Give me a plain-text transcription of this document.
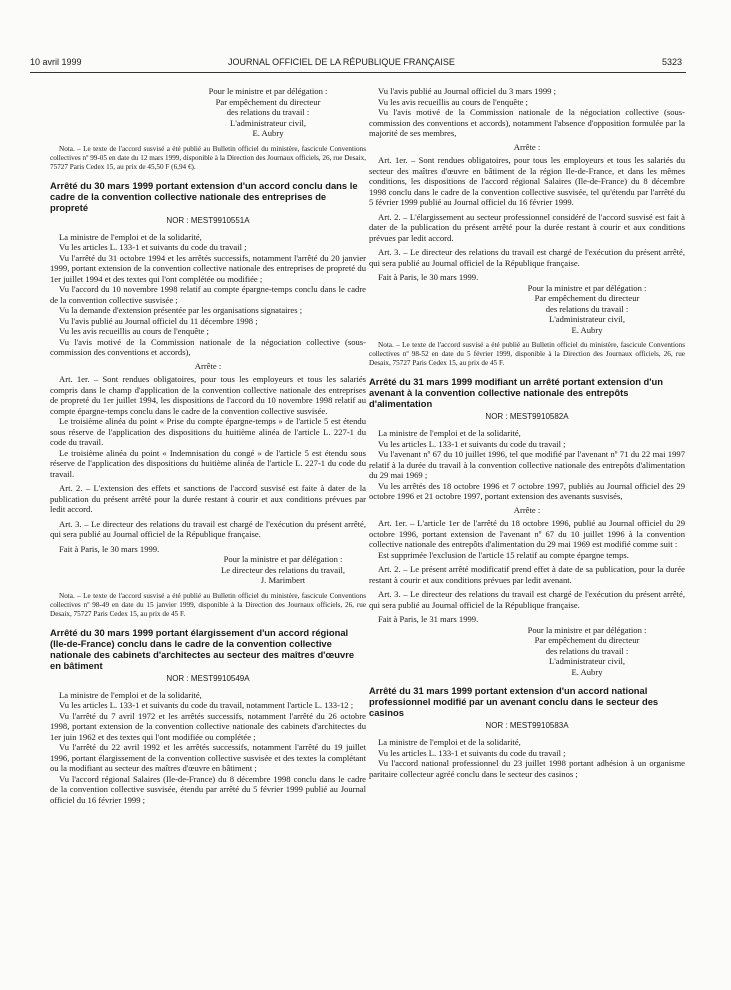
10 avril 1999	JOURNAL OFFICIEL DE LA RÉPUBLIQUE FRANÇAISE	5323

Pour le ministre et par délégation :

Par empêchement du directeur

des relations du travail :

L'administrateur civil,

E. Aubry

Nota. – Le texte de l'accord susvisé a été publié au Bulletin officiel du ministère, fascicule Conventions collectives nº 99-05 en date du 12 mars 1999, disponible à la Direction des Journaux officiels, 26, rue Desaix, 75727 Paris Cedex 15, au prix de 45,50 F (6,94 €).

Arrêté du 30 mars 1999 portant extension d'un accord conclu dans le cadre de la convention collective nationale des entreprises de propreté

NOR : MEST9910551A

La ministre de l'emploi et de la solidarité,

Vu les articles L. 133-1 et suivants du code du travail ;

Vu l'arrêté du 31 octobre 1994 et les arrêtés successifs, notamment l'arrêté du 20 janvier 1999, portant extension de la convention collective nationale des entreprises de propreté du 1er juillet 1994 et des textes qui l'ont complétée ou modifiée ;

Vu l'accord du 10 novembre 1998 relatif au compte épargne-temps conclu dans le cadre de la convention collective susvisée ;

Vu la demande d'extension présentée par les organisations signataires ;

Vu l'avis publié au Journal officiel du 11 décembre 1998 ;

Vu les avis recueillis au cours de l'enquête ;

Vu l'avis motivé de la Commission nationale de la négociation collective (sous-commission des conventions et accords),

Arrête :

Art. 1er. – Sont rendues obligatoires, pour tous les employeurs et tous les salariés compris dans le champ d'application de la convention collective nationale des entreprises de propreté du 1er juillet 1994, les dispositions de l'accord du 10 novembre 1998 relatif au compte épargne-temps conclu dans le cadre de la convention collective susvisée.

Le troisième alinéa du point « Prise du compte épargne-temps » de l'article 5 est étendu sous réserve de l'application des dispositions du huitième alinéa de l'article L. 227-1 du code du travail.

Le troisième alinéa du point « Indemnisation du congé » de l'article 5 est étendu sous réserve de l'application des dispositions du huitième alinéa de l'article L. 227-1 du code du travail.

Art. 2. – L'extension des effets et sanctions de l'accord susvisé est faite à dater de la publication du présent arrêté pour la durée restant à courir et aux conditions prévues par ledit accord.

Art. 3. – Le directeur des relations du travail est chargé de l'exécution du présent arrêté, qui sera publié au Journal officiel de la République française.

Fait à Paris, le 30 mars 1999.

Pour la ministre et par délégation :

Le directeur des relations du travail,

J. Marimbert

Nota. – Le texte de l'accord susvisé a été publié au Bulletin officiel du ministère, fascicule Conventions collectives nº 98-49 en date du 15 janvier 1999, disponible à la Direction des Journaux officiels, 26, rue Desaix, 75727 Paris Cedex 15, au prix de 45 F.

Arrêté du 30 mars 1999 portant élargissement d'un accord régional (Ile-de-France) conclu dans le cadre de la convention collective nationale des cabinets d'architectes au secteur des maîtres d'œuvre en bâtiment

NOR : MEST9910549A

La ministre de l'emploi et de la solidarité,

Vu les articles L. 133-1 et suivants du code du travail, notamment l'article L. 133-12 ;

Vu l'arrêté du 7 avril 1972 et les arrêtés successifs, notamment l'arrêté du 26 octobre 1998, portant extension de la convention collective nationale des cabinets d'architectes du 1er juin 1962 et des textes qui l'ont modifiée ou complétée ;

Vu l'arrêté du 22 avril 1992 et les arrêtés successifs, notamment l'arrêté du 19 juillet 1996, portant élargissement de la convention collective susvisée et des textes la complétant ou la modifiant au secteur des maîtres d'œuvre en bâtiment ;

Vu l'accord régional Salaires (Ile-de-France) du 8 décembre 1998 conclu dans le cadre de la convention collective susvisée, étendu par arrêté du 5 février 1999 publié au Journal officiel du 16 février 1999 ;

Vu l'avis publié au Journal officiel du 3 mars 1999 ;

Vu les avis recueillis au cours de l'enquête ;

Vu l'avis motivé de la Commission nationale de la négociation collective (sous-commission des conventions et accords), notamment l'absence d'opposition formulée par la majorité de ses membres,

Arrête :

Art. 1er. – Sont rendues obligatoires, pour tous les employeurs et tous les salariés du secteur des maîtres d'œuvre en bâtiment de la région Ile-de-France, et dans les mêmes conditions, les dispositions de l'accord régional Salaires (Ile-de-France) du 8 décembre 1998 conclu dans le cadre de la convention collective susvisée, tel qu'étendu par l'arrêté du 5 février 1999 publié au Journal officiel du 16 février 1999.

Art. 2. – L'élargissement au secteur professionnel considéré de l'accord susvisé est fait à dater de la publication du présent arrêté pour la durée restant à courir et aux conditions prévues par ledit accord.

Art. 3. – Le directeur des relations du travail est chargé de l'exécution du présent arrêté, qui sera publié au Journal officiel de la République française.

Fait à Paris, le 30 mars 1999.

Pour la ministre et par délégation :

Par empêchement du directeur

des relations du travail :

L'administrateur civil,

E. Aubry

Nota. – Le texte de l'accord susvisé a été publié au Bulletin officiel du ministère, fascicule Conventions collectives nº 98-52 en date du 5 février 1999, disponible à la Direction des Journaux officiels, 26, rue Desaix, 75727 Paris Cedex 15, au prix de 45 F.

Arrêté du 31 mars 1999 modifiant un arrêté portant extension d'un avenant à la convention collective nationale des entrepôts d'alimentation

NOR : MEST9910582A

La ministre de l'emploi et de la solidarité,

Vu les articles L. 133-1 et suivants du code du travail ;

Vu l'avenant nº 67 du 10 juillet 1996, tel que modifié par l'avenant nº 71 du 22 mai 1997 relatif à la durée du travail à la convention collective nationale des entrepôts d'alimentation du 29 mai 1969 ;

Vu les arrêtés des 18 octobre 1996 et 7 octobre 1997, publiés au Journal officiel des 29 octobre 1996 et 21 octobre 1997, portant extension des avenants susvisés,

Arrête :

Art. 1er. – L'article 1er de l'arrêté du 18 octobre 1996, publié au Journal officiel du 29 octobre 1996, portant extension de l'avenant nº 67 du 10 juillet 1996 à la convention collective nationale des entrepôts d'alimentation du 29 mai 1969 est modifié comme suit :

Est supprimée l'exclusion de l'article 15 relatif au compte épargne temps.

Art. 2. – Le présent arrêté modificatif prend effet à date de sa publication, pour la durée restant à courir et aux conditions prévues par ledit avenant.

Art. 3. – Le directeur des relations du travail est chargé de l'exécution du présent arrêté, qui sera publié au Journal officiel de la République française.

Fait à Paris, le 31 mars 1999.

Pour la ministre et par délégation :

Par empêchement du directeur

des relations du travail :

L'administrateur civil,

E. Aubry

Arrêté du 31 mars 1999 portant extension d'un accord national professionnel modifié par un avenant conclu dans le secteur des casinos

NOR : MEST9910583A

La ministre de l'emploi et de la solidarité,

Vu les articles L. 133-1 et suivants du code du travail ;

Vu l'accord national professionnel du 23 juillet 1998 portant adhésion à un organisme paritaire collecteur agréé conclu dans le secteur des casinos ;
